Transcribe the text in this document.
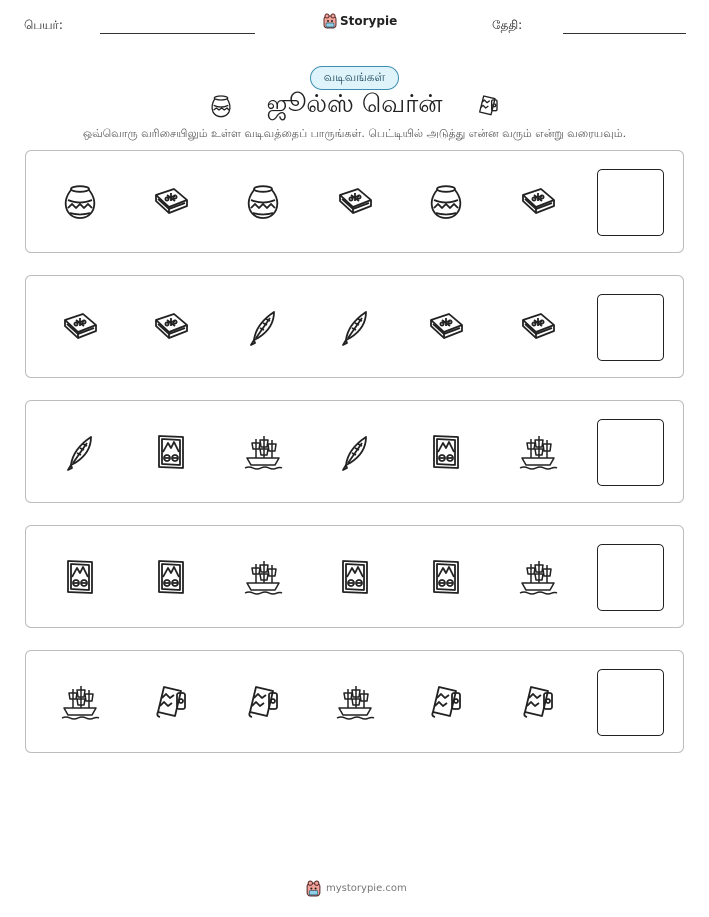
பெயர்:	Storypie	தேதி:
வடிவங்கள்
ஜூல்ஸ் வெர்ன்
ஒவ்வொரு வரிசையிலும் உள்ள வடிவத்தைப் பாருங்கள். பெட்டியில் அடுத்து என்ன வரும் என்று வரையவும்.
mystorypie.com
